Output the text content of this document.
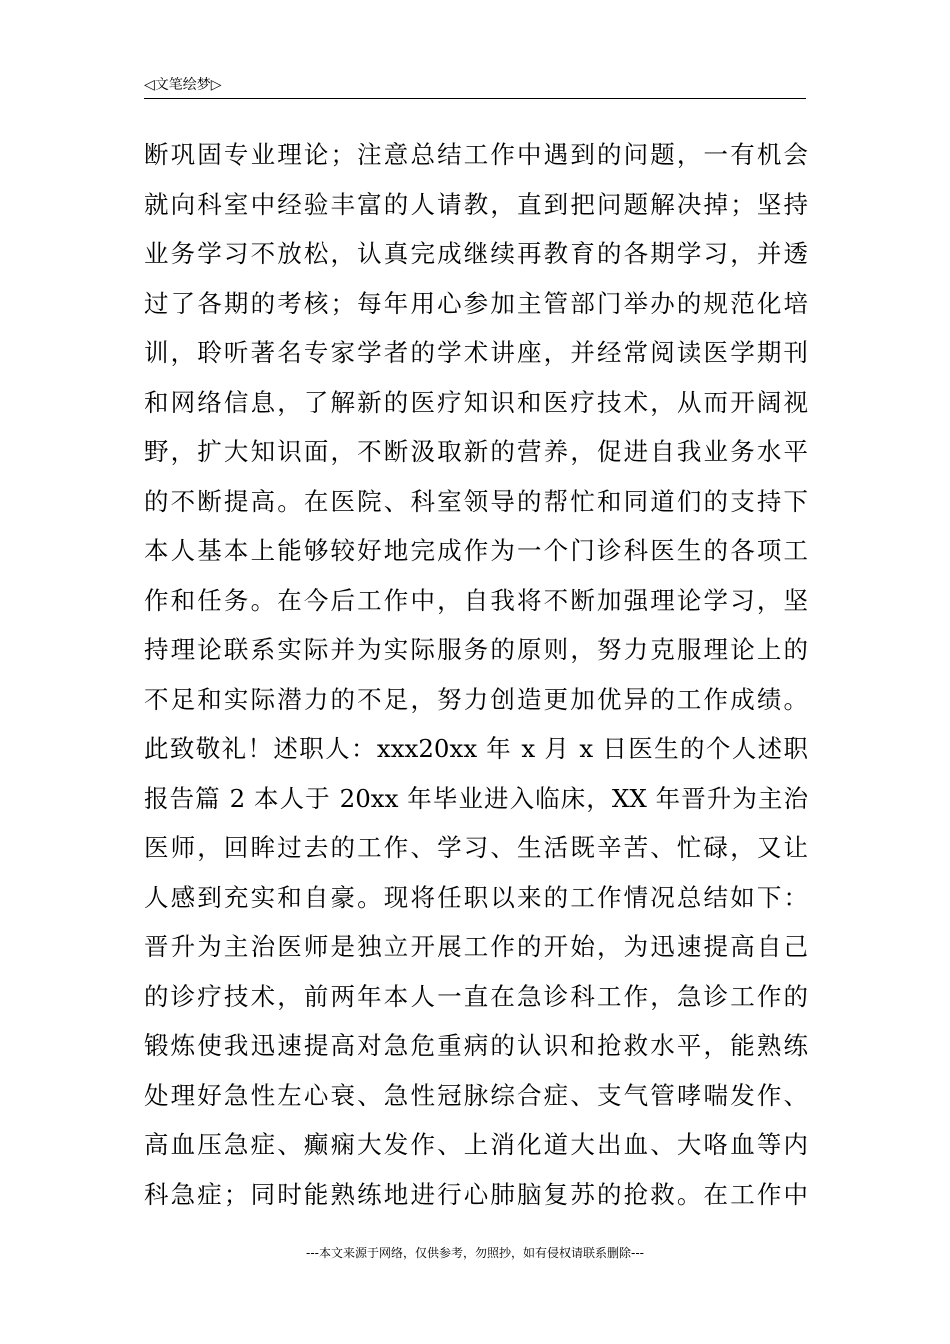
◁文笔绘梦▷
断巩固专业理论；注意总结工作中遇到的问题，一有机会
就向科室中经验丰富的人请教，直到把问题解决掉；坚持
业务学习不放松，认真完成继续再教育的各期学习，并透
过了各期的考核；每年用心参加主管部门举办的规范化培
训，聆听著名专家学者的学术讲座，并经常阅读医学期刊
和网络信息，了解新的医疗知识和医疗技术，从而开阔视
野，扩大知识面，不断汲取新的营养，促进自我业务水平
的不断提高。在医院、科室领导的帮忙和同道们的支持下
本人基本上能够较好地完成作为一个门诊科医生的各项工
作和任务。在今后工作中，自我将不断加强理论学习，坚
持理论联系实际并为实际服务的原则，努力克服理论上的
不足和实际潜力的不足，努力创造更加优异的工作成绩。
此致敬礼！述职人：xxx20xx 年 x 月 x 日医生的个人述职
报告篇 2 本人于 20xx 年毕业进入临床，XX 年晋升为主治
医师，回眸过去的工作、学习、生活既辛苦、忙碌，又让
人感到充实和自豪。现将任职以来的工作情况总结如下：
晋升为主治医师是独立开展工作的开始，为迅速提高自己
的诊疗技术，前两年本人一直在急诊科工作，急诊工作的
锻炼使我迅速提高对急危重病的认识和抢救水平，能熟练
处理好急性左心衰、急性冠脉综合症、支气管哮喘发作、
高血压急症、癫痫大发作、上消化道大出血、大咯血等内
科急症；同时能熟练地进行心肺脑复苏的抢救。在工作中
---本文来源于网络，仅供参考，勿照抄，如有侵权请联系删除---
